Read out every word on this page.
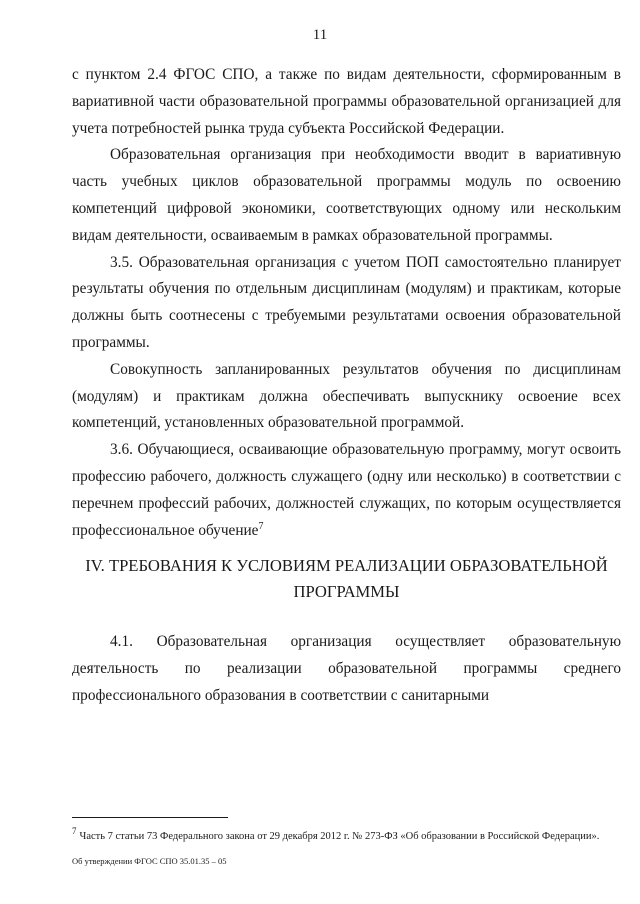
11

с пунктом 2.4 ФГОС СПО, а также по видам деятельности, сформированным в вариативной части образовательной программы образовательной организацией для учета потребностей рынка труда субъекта Российской Федерации.

Образовательная организация при необходимости вводит в вариативную часть учебных циклов образовательной программы модуль по освоению компетенций цифровой экономики, соответствующих одному или нескольким видам деятельности, осваиваемым в рамках образовательной программы.

3.5. Образовательная организация с учетом ПОП самостоятельно планирует результаты обучения по отдельным дисциплинам (модулям) и практикам, которые должны быть соотнесены с требуемыми результатами освоения образовательной программы.

Совокупность запланированных результатов обучения по дисциплинам (модулям) и практикам должна обеспечивать выпускнику освоение всех компетенций, установленных образовательной программой.

3.6. Обучающиеся, осваивающие образовательную программу, могут освоить профессию рабочего, должность служащего (одну или несколько) в соответствии с перечнем профессий рабочих, должностей служащих, по которым осуществляется профессиональное обучение$^7$

IV. ТРЕБОВАНИЯ К УСЛОВИЯМ РЕАЛИЗАЦИИ ОБРАЗОВАТЕЛЬНОЙ
ПРОГРАММЫ

4.1. Образовательная организация осуществляет образовательную деятельность по реализации образовательной программы среднего профессионального образования в соответствии с санитарными

$^7$ Часть 7 статьи 73 Федерального закона от 29 декабря 2012 г. № 273-ФЗ «Об образовании в Российской Федерации».
Об утверждении ФГОС СПО 35.01.35 – 05
